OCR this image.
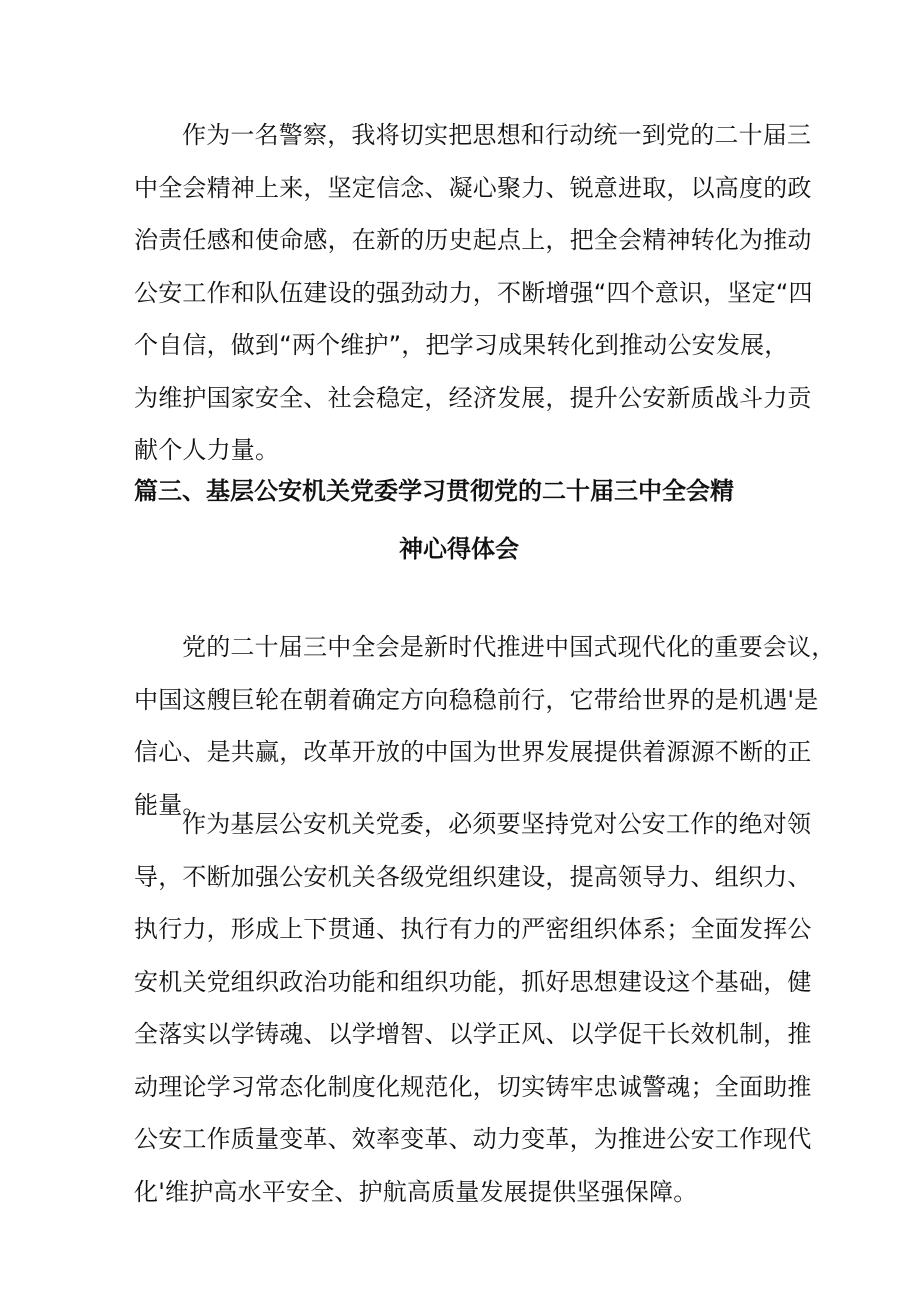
作为一名警察，我将切实把思想和行动统一到党的二十届三
中全会精神上来，坚定信念、凝心聚力、锐意进取，以高度的政
治责任感和使命感，在新的历史起点上，把全会精神转化为推动
公安工作和队伍建设的强劲动力，不断增强“四个意识，坚定“四
个自信，做到“两个维护”，把学习成果转化到推动公安发展，
为维护国家安全、社会稳定，经济发展，提升公安新质战斗力贡
献个人力量。
篇三、基层公安机关党委学习贯彻党的二十届三中全会精
神心得体会
党的二十届三中全会是新时代推进中国式现代化的重要会议，
中国这艘巨轮在朝着确定方向稳稳前行，它带给世界的是机遇'是
信心、是共赢，改革开放的中国为世界发展提供着源源不断的正
能量。
作为基层公安机关党委，必须要坚持党对公安工作的绝对领
导，不断加强公安机关各级党组织建设，提高领导力、组织力、
执行力，形成上下贯通、执行有力的严密组织体系；全面发挥公
安机关党组织政治功能和组织功能，抓好思想建设这个基础，健
全落实以学铸魂、以学增智、以学正风、以学促干长效机制，推
动理论学习常态化制度化规范化，切实铸牢忠诚警魂；全面助推
公安工作质量变革、效率变革、动力变革，为推进公安工作现代
化'维护高水平安全、护航高质量发展提供坚强保障。
